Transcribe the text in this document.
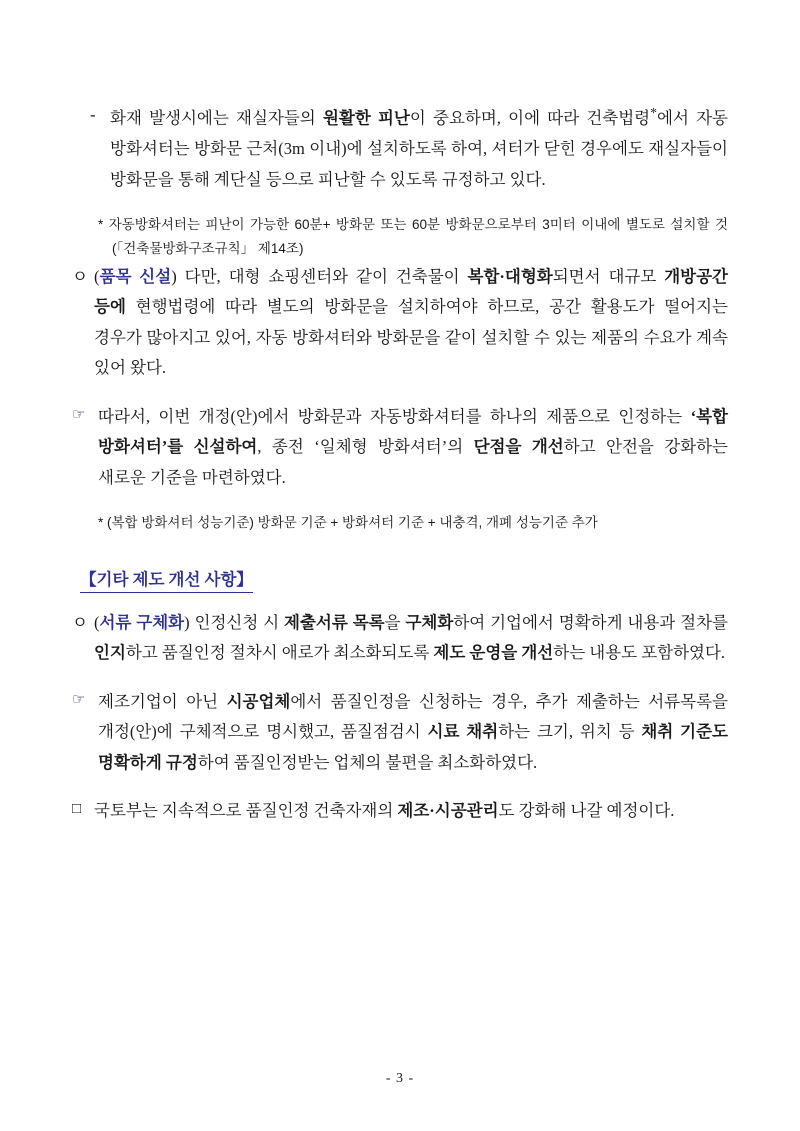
- 화재 발생시에는 재실자들의 원활한 피난이 중요하며, 이에 따라 건축법령*에서 자동 방화셔터는 방화문 근처(3m 이내)에 설치하도록 하여, 셔터가 닫힌 경우에도 재실자들이 방화문을 통해 계단실 등으로 피난할 수 있도록 규정하고 있다.
* 자동방화셔터는 피난이 가능한 60분+ 방화문 또는 60분 방화문으로부터 3미터 이내에 별도로 설치할 것(「건축물방화구조규칙」 제14조)
ㅇ (품목 신설) 다만, 대형 쇼핑센터와 같이 건축물이 복합·대형화되면서 대규모 개방공간 등에 현행법령에 따라 별도의 방화문을 설치하여야 하므로, 공간 활용도가 떨어지는 경우가 많아지고 있어, 자동 방화셔터와 방화문을 같이 설치할 수 있는 제품의 수요가 계속 있어 왔다.
☞ 따라서, 이번 개정(안)에서 방화문과 자동방화셔터를 하나의 제품으로 인정하는 ‘복합 방화셔터’를 신설하여, 종전 ‘일체형 방화셔터’의 단점을 개선하고 안전을 강화하는 새로운 기준을 마련하였다.
* (복합 방화셔터 성능기준) 방화문 기준 + 방화셔터 기준 + 내충격, 개폐 성능기준 추가
【기타 제도 개선 사항】
ㅇ (서류 구체화) 인정신청 시 제출서류 목록을 구체화하여 기업에서 명확하게 내용과 절차를 인지하고 품질인정 절차시 애로가 최소화되도록 제도 운영을 개선하는 내용도 포함하였다.
☞ 제조기업이 아닌 시공업체에서 품질인정을 신청하는 경우, 추가 제출하는 서류목록을 개정(안)에 구체적으로 명시했고, 품질점검시 시료 채취하는 크기, 위치 등 채취 기준도 명확하게 규정하여 품질인정받는 업체의 불편을 최소화하였다.
□ 국토부는 지속적으로 품질인정 건축자재의 제조·시공관리도 강화해 나갈 예정이다.
- 3 -
